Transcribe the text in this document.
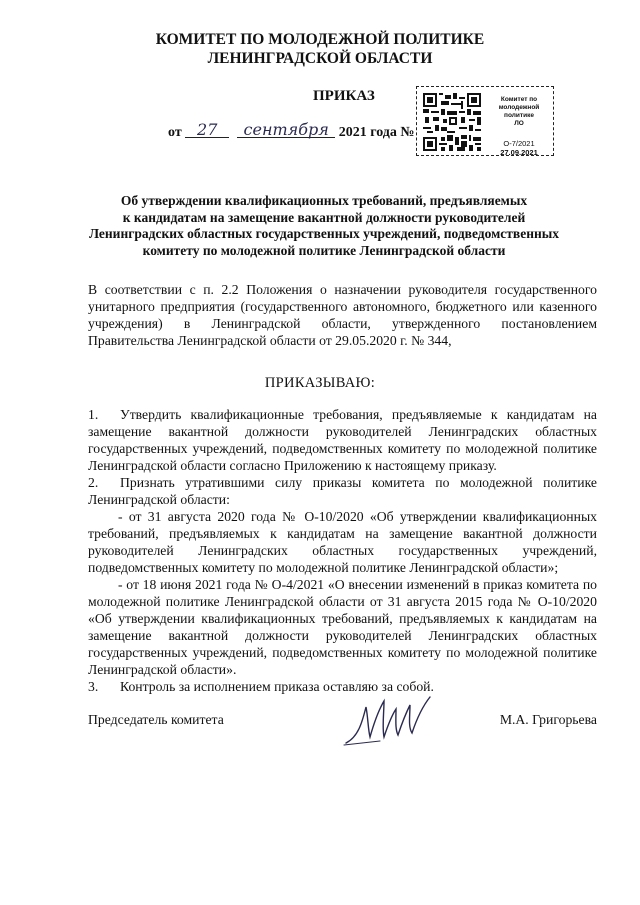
КОМИТЕТ ПО МОЛОДЕЖНОЙ ПОЛИТИКЕ
ЛЕНИНГРАДСКОЙ ОБЛАСТИ
ПРИКАЗ
от 27 сентября 2021 года №
Комитет по
молодежной политике
ЛО
О-7/2021
27.09.2021
Об утверждении квалификационных требований, предъявляемых
к кандидатам на замещение вакантной должности руководителей
Ленинградских областных государственных учреждений, подведомственных
комитету по молодежной политике Ленинградской области
В соответствии с п. 2.2 Положения о назначении руководителя государственного унитарного предприятия (государственного автономного, бюджетного или казенного учреждения) в Ленинградской области, утвержденного постановлением Правительства Ленинградской области от 29.05.2020 г. № 344,
ПРИКАЗЫВАЮ:

1. Утвердить квалификационные требования, предъявляемые к кандидатам на замещение вакантной должности руководителей Ленинградских областных государственных учреждений, подведомственных комитету по молодежной политике Ленинградской области согласно Приложению к настоящему приказу.

2. Признать утратившими силу приказы комитета по молодежной политике Ленинградской области:

- от 31 августа 2020 года № О-10/2020 «Об утверждении квалификационных требований, предъявляемых к кандидатам на замещение вакантной должности руководителей Ленинградских областных государственных учреждений, подведомственных комитету по молодежной политике Ленинградской области»;

- от 18 июня 2021 года № О-4/2021 «О внесении изменений в приказ комитета по молодежной политике Ленинградской области от 31 августа 2015 года № О-10/2020 «Об утверждении квалификационных требований, предъявляемых к кандидатам на замещение вакантной должности руководителей Ленинградских областных государственных учреждений, подведомственных комитету по молодежной политике Ленинградской области».

3. Контроль за исполнением приказа оставляю за собой.

Председатель комитета	М.А. Григорьева
